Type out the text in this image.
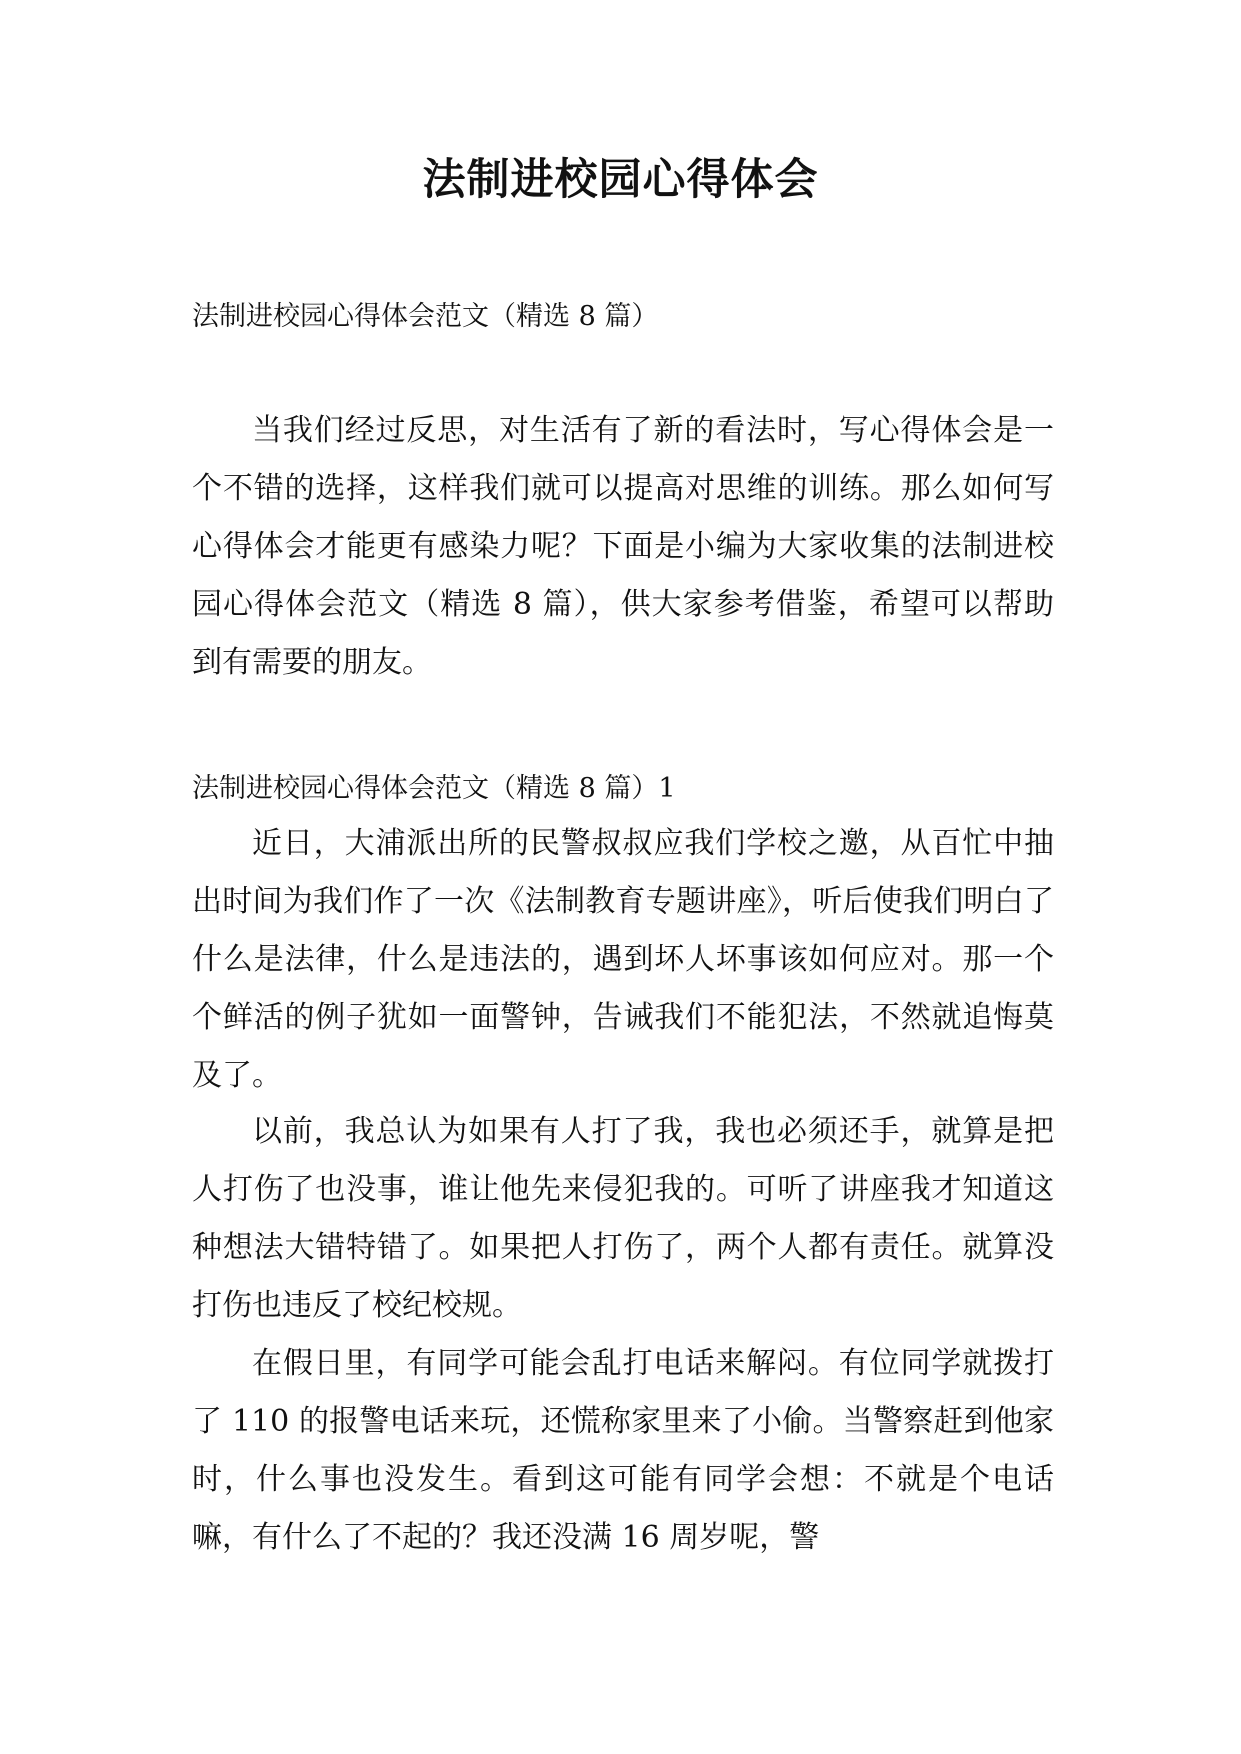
法制进校园心得体会
法制进校园心得体会范文（精选 8 篇）

当我们经过反思，对生活有了新的看法时，写心得体会是一个不错的选择，这样我们就可以提高对思维的训练。那么如何写心得体会才能更有感染力呢？下面是小编为大家收集的法制进校园心得体会范文（精选 8 篇），供大家参考借鉴，希望可以帮助到有需要的朋友。

法制进校园心得体会范文（精选 8 篇）1

近日，大浦派出所的民警叔叔应我们学校之邀，从百忙中抽出时间为我们作了一次《法制教育专题讲座》，听后使我们明白了什么是法律，什么是违法的，遇到坏人坏事该如何应对。那一个个鲜活的例子犹如一面警钟，告诫我们不能犯法，不然就追悔莫及了。

以前，我总认为如果有人打了我，我也必须还手，就算是把人打伤了也没事，谁让他先来侵犯我的。可听了讲座我才知道这种想法大错特错了。如果把人打伤了，两个人都有责任。就算没打伤也违反了校纪校规。

在假日里，有同学可能会乱打电话来解闷。有位同学就拨打了 110 的报警电话来玩，还慌称家里来了小偷。当警察赶到他家时，什么事也没发生。看到这可能有同学会想：不就是个电话嘛，有什么了不起的？我还没满 16 周岁呢，警
